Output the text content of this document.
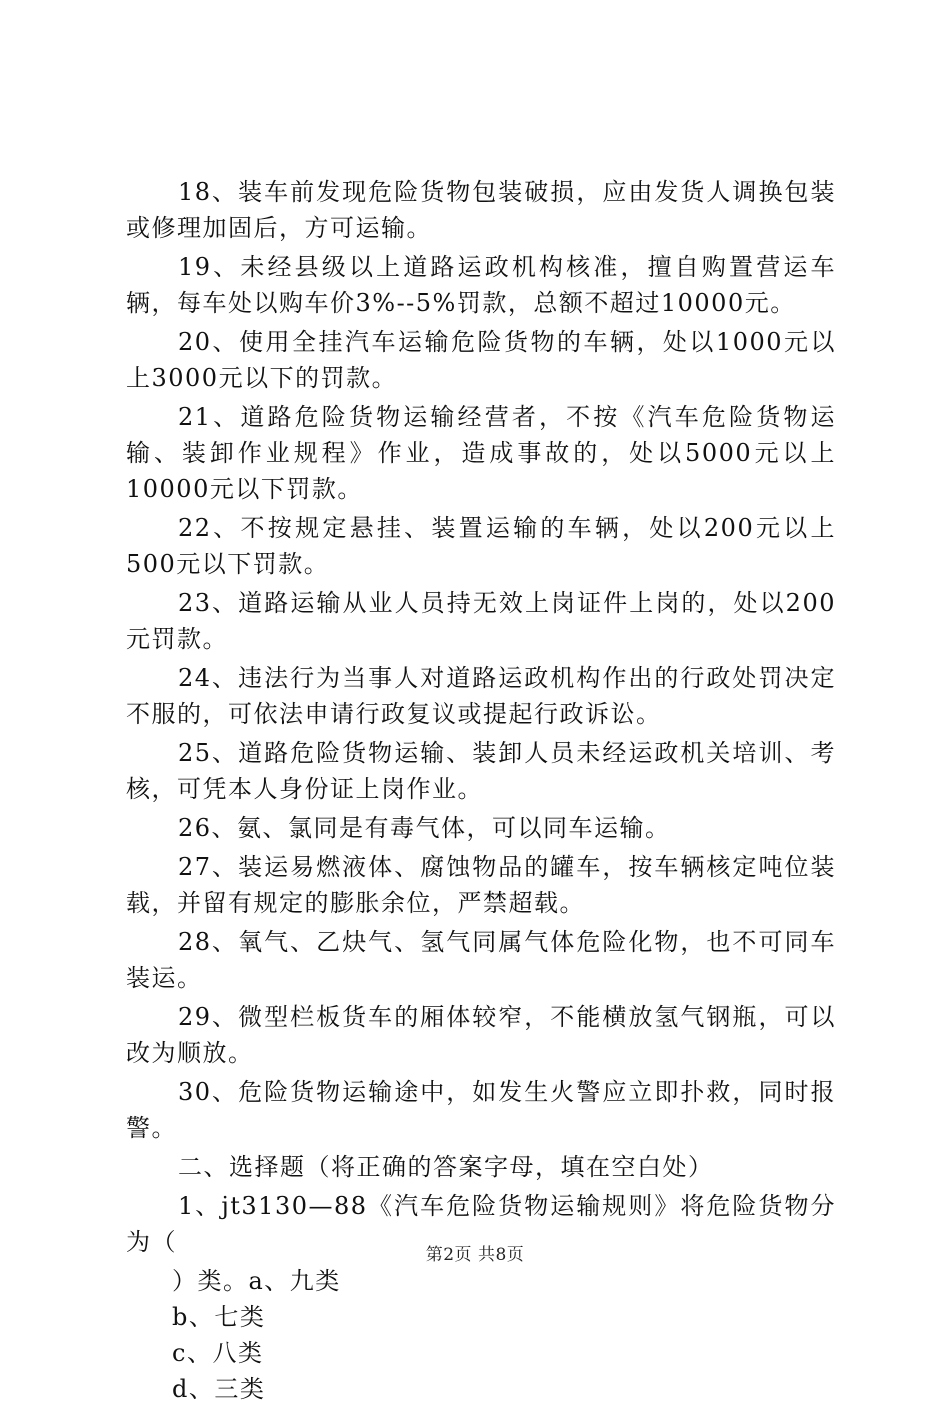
18、装车前发现危险货物包装破损，应由发货人调换包装或修理加固后，方可运输。

19、未经县级以上道路运政机构核准，擅自购置营运车辆，每车处以购车价3%--5%罚款，总额不超过10000元。

20、使用全挂汽车运输危险货物的车辆，处以1000元以上3000元以下的罚款。

21、道路危险货物运输经营者，不按《汽车危险货物运输、装卸作业规程》作业，造成事故的，处以5000元以上10000元以下罚款。

22、不按规定悬挂、装置运输的车辆，处以200元以上500元以下罚款。

23、道路运输从业人员持无效上岗证件上岗的，处以200元罚款。

24、违法行为当事人对道路运政机构作出的行政处罚决定不服的，可依法申请行政复议或提起行政诉讼。

25、道路危险货物运输、装卸人员未经运政机关培训、考核，可凭本人身份证上岗作业。

26、氨、氯同是有毒气体，可以同车运输。

27、装运易燃液体、腐蚀物品的罐车，按车辆核定吨位装载，并留有规定的膨胀余位，严禁超载。

28、氧气、乙炔气、氢气同属气体危险化物，也不可同车装运。

29、微型栏板货车的厢体较窄，不能横放氢气钢瓶，可以改为顺放。

30、危险货物运输途中，如发生火警应立即扑救，同时报警。

二、选择题（将正确的答案字母，填在空白处）

1、jt3130—88《汽车危险货物运输规则》将危险货物分为（

）类。a、九类
b、七类
c、八类
d、三类
第2页 共8页
